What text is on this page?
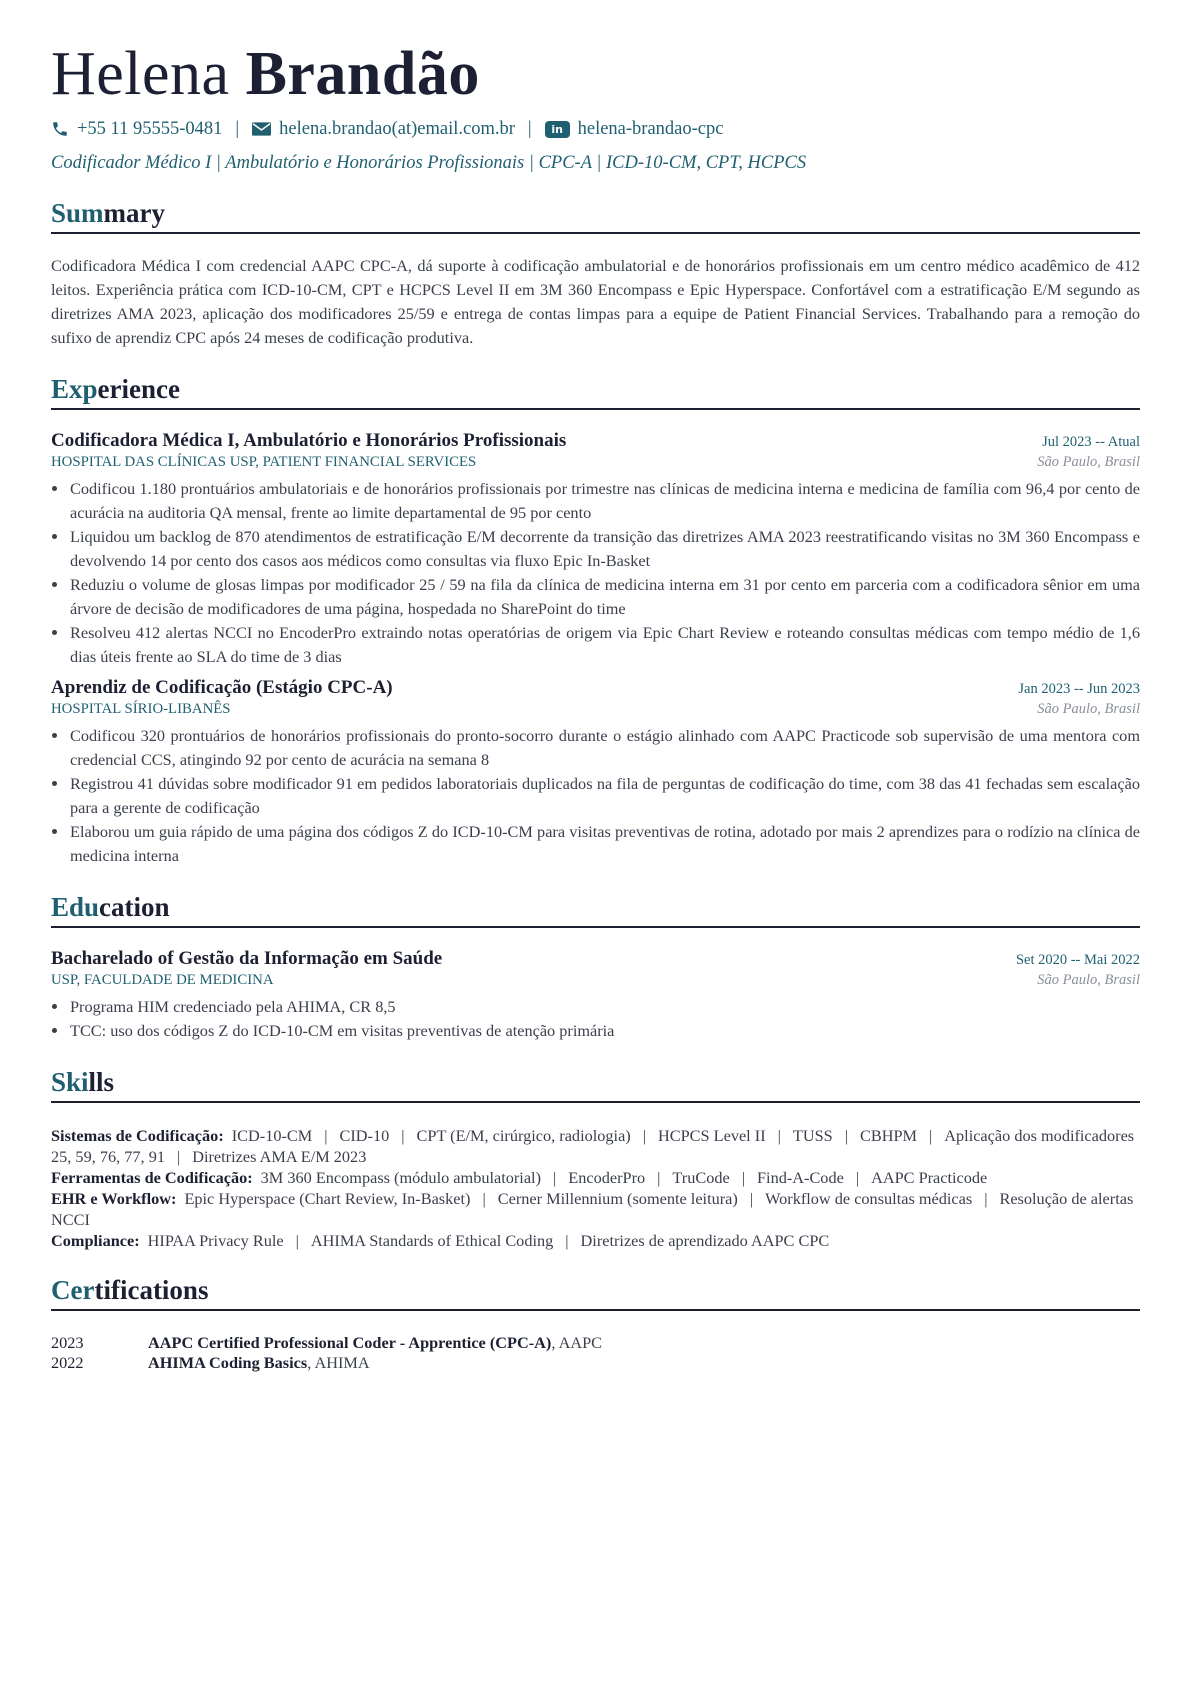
Helena Brandão
+55 11 95555-0481 | helena.brandao(at)email.com.br |	in helena-brandao-cpc
Codificador Médico I | Ambulatório e Honorários Profissionais | CPC-A | ICD-10-CM, CPT, HCPCS
Summary
Codificadora Médica I com credencial AAPC CPC-A, dá suporte à codificação ambulatorial e de honorários profissionais em um centro médico acadêmico de 412 leitos. Experiência prática com ICD-10-CM, CPT e HCPCS Level II em 3M 360 Encompass e Epic Hyperspace. Confortável com a estratificação E/M segundo as diretrizes AMA 2023, aplicação dos modificadores 25/59 e entrega de contas limpas para a equipe de Patient Financial Services. Trabalhando para a remoção do sufixo de aprendiz CPC após 24 meses de codificação produtiva.
Experience
Codificadora Médica I, Ambulatório e Honorários Profissionais	Jul 2023 -- Atual
HOSPITAL DAS CLÍNICAS USP, PATIENT FINANCIAL SERVICES	São Paulo, Brasil
• Codificou 1.180 prontuários ambulatoriais e de honorários profissionais por trimestre nas clínicas de medicina interna e medicina de família com 96,4 por cento de acurácia na auditoria QA mensal, frente ao limite departamental de 95 por cento
• Liquidou um backlog de 870 atendimentos de estratificação E/M decorrente da transição das diretrizes AMA 2023 reestratificando visitas no 3M 360 Encompass e devolvendo 14 por cento dos casos aos médicos como consultas via fluxo Epic In-Basket
• Reduziu o volume de glosas limpas por modificador 25 / 59 na fila da clínica de medicina interna em 31 por cento em parceria com a codificadora sênior em uma árvore de decisão de modificadores de uma página, hospedada no SharePoint do time
• Resolveu 412 alertas NCCI no EncoderPro extraindo notas operatórias de origem via Epic Chart Review e roteando consultas médicas com tempo médio de 1,6 dias úteis frente ao SLA do time de 3 dias
Aprendiz de Codificação (Estágio CPC-A)	Jan 2023 -- Jun 2023
HOSPITAL SÍRIO-LIBANÊS	São Paulo, Brasil
• Codificou 320 prontuários de honorários profissionais do pronto-socorro durante o estágio alinhado com AAPC Practicode sob supervisão de uma mentora com credencial CCS, atingindo 92 por cento de acurácia na semana 8
• Registrou 41 dúvidas sobre modificador 91 em pedidos laboratoriais duplicados na fila de perguntas de codificação do time, com 38 das 41 fechadas sem escalação para a gerente de codificação
• Elaborou um guia rápido de uma página dos códigos Z do ICD-10-CM para visitas preventivas de rotina, adotado por mais 2 aprendizes para o rodízio na clínica de medicina interna
Education
Bacharelado of Gestão da Informação em Saúde	Set 2020 -- Mai 2022
USP, FACULDADE DE MEDICINA	São Paulo, Brasil
• Programa HIM credenciado pela AHIMA, CR 8,5
• TCC: uso dos códigos Z do ICD-10-CM em visitas preventivas de atenção primária
Skills
Sistemas de Codificação: ICD-10-CM | CID-10 | CPT (E/M, cirúrgico, radiologia) | HCPCS Level II | TUSS | CBHPM | Aplicação dos modificadores 25, 59, 76, 77, 91 | Diretrizes AMA E/M 2023
Ferramentas de Codificação: 3M 360 Encompass (módulo ambulatorial) | EncoderPro | TruCode | Find-A-Code | AAPC Practicode
EHR e Workflow: Epic Hyperspace (Chart Review, In-Basket) | Cerner Millennium (somente leitura) | Workflow de consultas médicas | Resolução de alertas NCCI
Compliance: HIPAA Privacy Rule | AHIMA Standards of Ethical Coding | Diretrizes de aprendizado AAPC CPC
Certifications
2023	AAPC Certified Professional Coder - Apprentice (CPC-A), AAPC
2022	AHIMA Coding Basics, AHIMA
